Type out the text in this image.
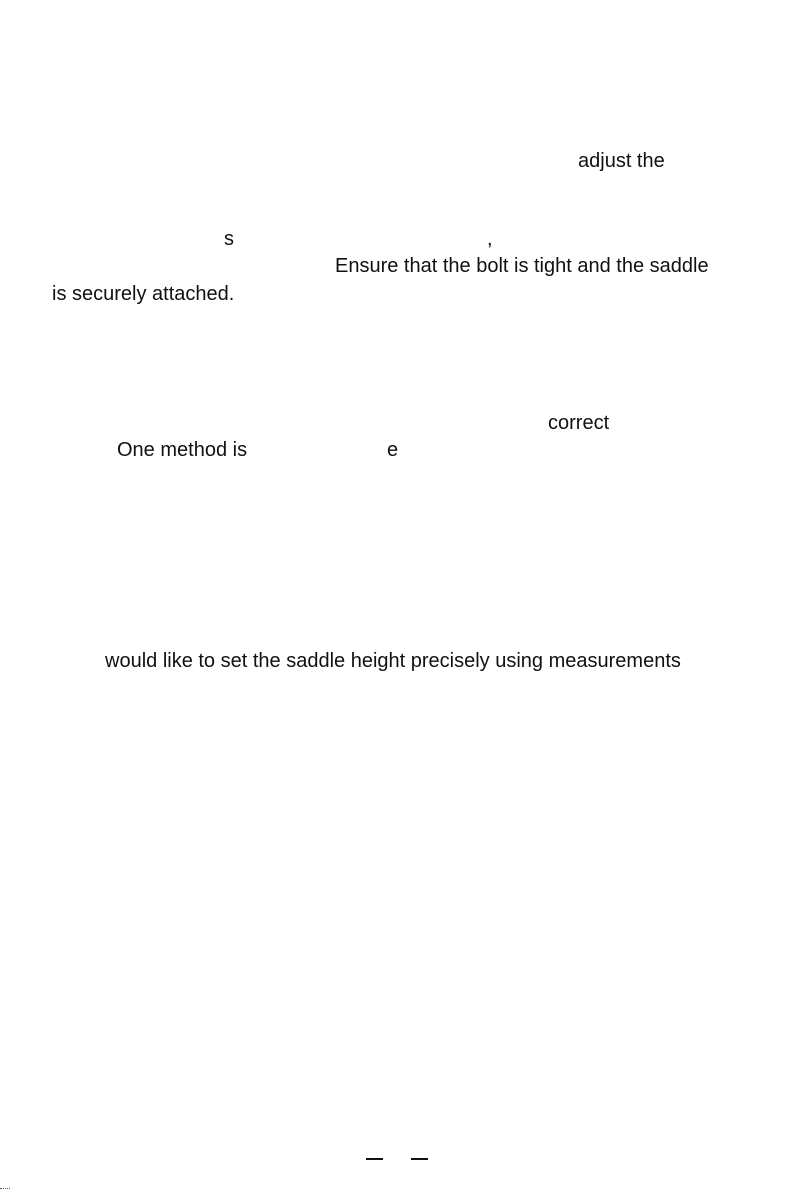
adjust the

s	,

Ensure that the bolt is tight and the saddle

is securely attached.

correct

One method is	e

would like to set the saddle height precisely using measurements
